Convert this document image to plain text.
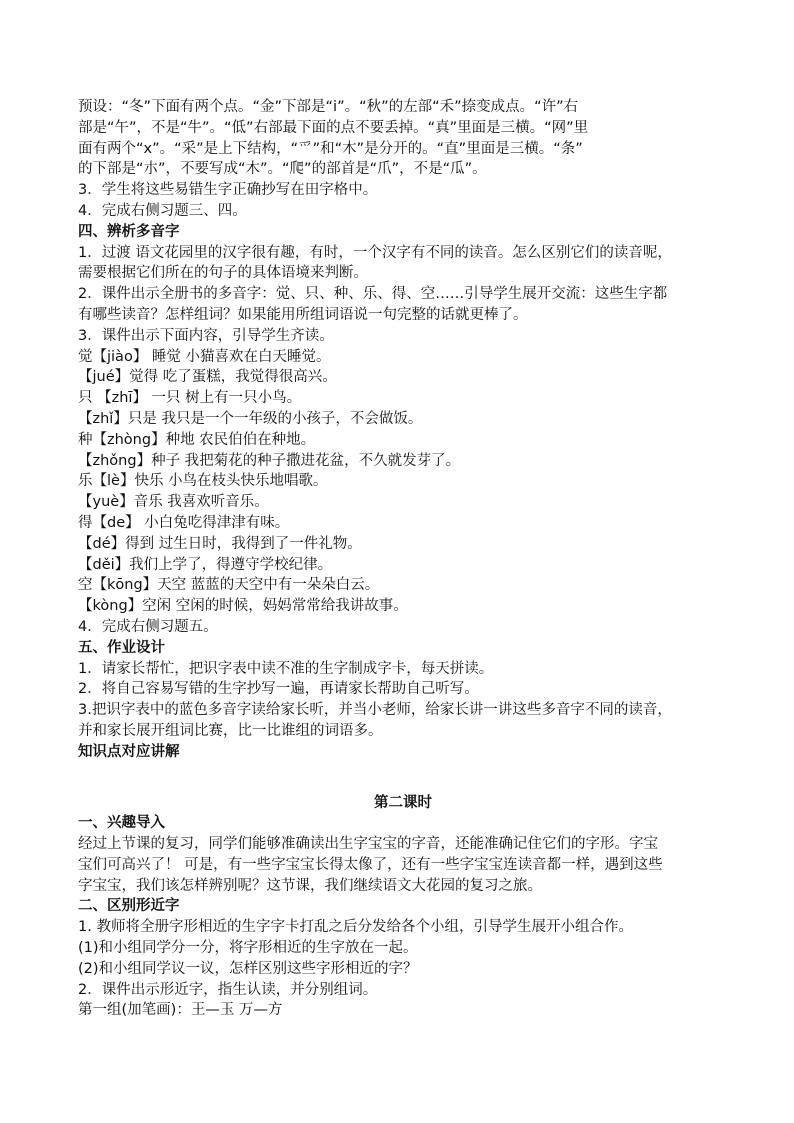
预设：“冬”下面有两个点。“金”下部是“ⅰ”。“秋”的左部“禾”捺变成点。“许”右
部是“午”，不是“牛”。“低”右部最下面的点不要丢掉。“真”里面是三横。“网”里
面有两个“ⅹ”。“采”是上下结构，“爫”和“木”是分开的。“直”里面是三横。“条”
的下部是“朩”，不要写成“木”。“爬”的部首是“爪”，不是“瓜”。
3．学生将这些易错生字正确抄写在田字格中。
4．完成右侧习题三、四。
四、辨析多音字
1．过渡 语文花园里的汉字很有趣，有时，一个汉字有不同的读音。怎么区别它们的读音呢，
需要根据它们所在的句子的具体语境来判断。
2．课件出示全册书的多音字：觉、只、种、乐、得、空……引导学生展开交流：这些生字都
有哪些读音？怎样组词？如果能用所组词语说一句完整的话就更棒了。
3．课件出示下面内容，引导学生齐读。
觉【jiào】 睡觉 小猫喜欢在白天睡觉。
【jué】觉得 吃了蛋糕，我觉得很高兴。
只 【zhī】 一只 树上有一只小鸟。
【zhǐ】只是 我只是一个一年级的小孩子，不会做饭。
种【zhòng】种地 农民伯伯在种地。
【zhǒng】种子 我把菊花的种子撒进花盆，不久就发芽了。
乐【lè】快乐 小鸟在枝头快乐地唱歌。
【yuè】音乐 我喜欢听音乐。
得【de】 小白兔吃得津津有味。
【dé】得到 过生日时，我得到了一件礼物。
【děi】我们上学了，得遵守学校纪律。
空【kōng】天空 蓝蓝的天空中有一朵朵白云。
【kòng】空闲 空闲的时候，妈妈常常给我讲故事。
4．完成右侧习题五。
五、作业设计
1．请家长帮忙，把识字表中读不准的生字制成字卡，每天拼读。
2．将自己容易写错的生字抄写一遍，再请家长帮助自己听写。
3.把识字表中的蓝色多音字读给家长听，并当小老师，给家长讲一讲这些多音字不同的读音，
并和家长展开组词比赛，比一比谁组的词语多。
知识点对应讲解
第二课时
一、兴趣导入
经过上节课的复习，同学们能够准确读出生字宝宝的字音，还能准确记住它们的字形。字宝
宝们可高兴了！ 可是，有一些字宝宝长得太像了，还有一些字宝宝连读音都一样，遇到这些
字宝宝，我们该怎样辨别呢？这节课，我们继续语文大花园的复习之旅。
二、区别形近字
1. 教师将全册字形相近的生字字卡打乱之后分发给各个小组，引导学生展开小组合作。
(1)和小组同学分一分，将字形相近的生字放在一起。
(2)和小组同学议一议，怎样区别这些字形相近的字？
2．课件出示形近字，指生认读，并分别组词。
第一组(加笔画)：王—玉 万—方
